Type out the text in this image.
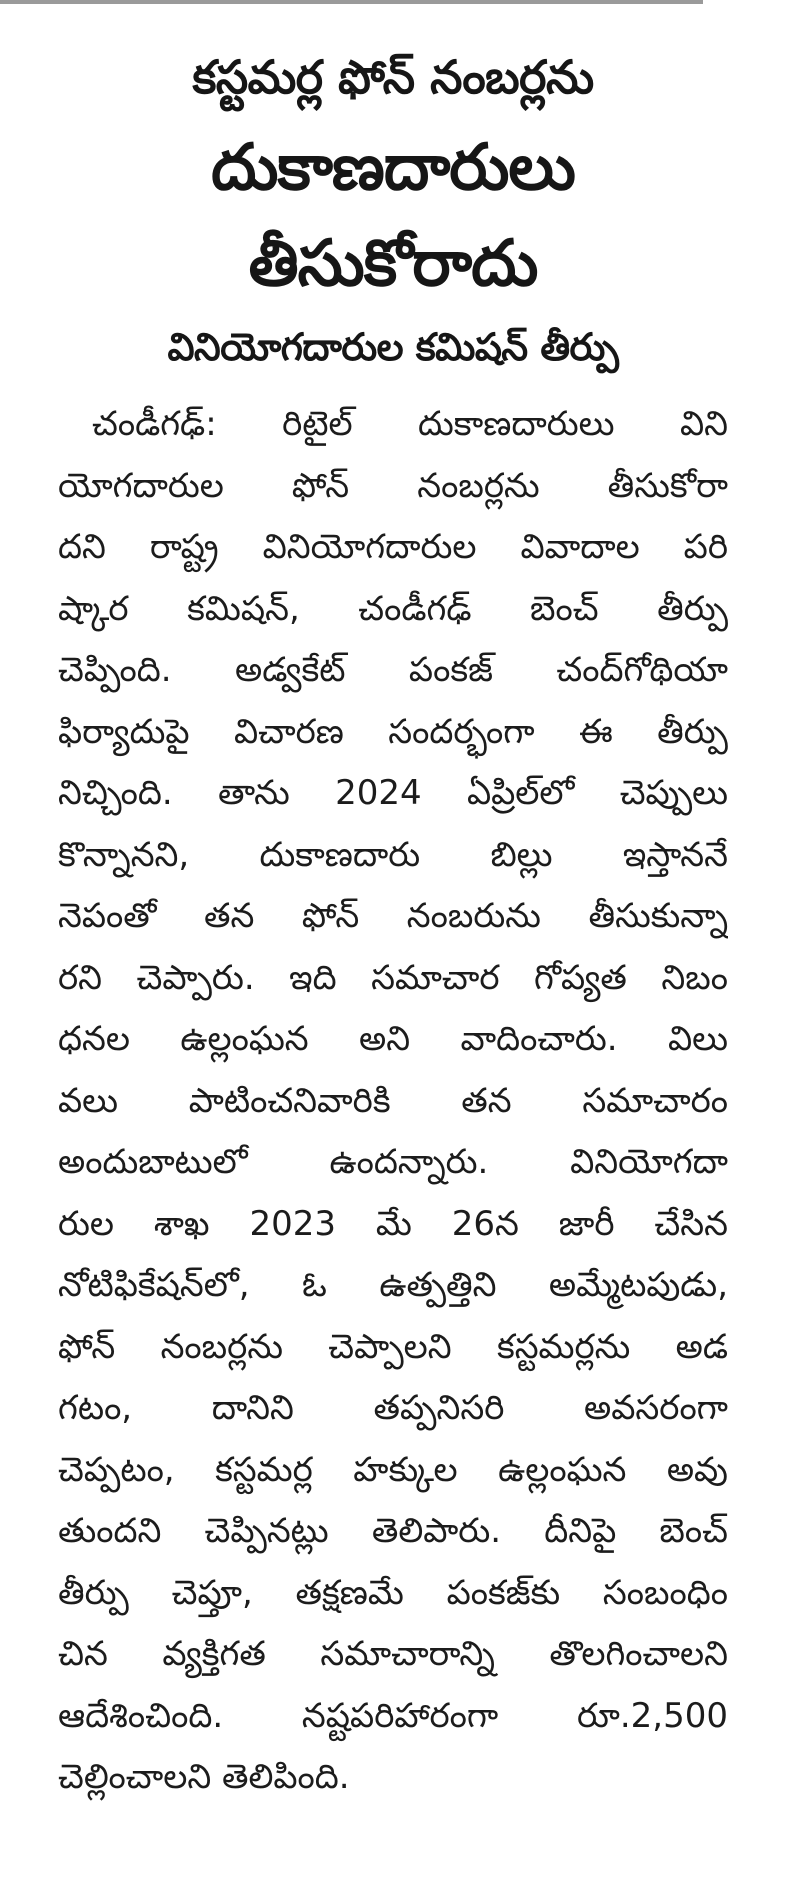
కస్టమర్ల ఫోన్ నంబర్లను
దుకాణదారులు
తీసుకోరాదు
వినియోగదారుల కమిషన్ తీర్పు
చండీగఢ్: రిటైల్ దుకాణదారులు విని
యోగదారుల ఫోన్ నంబర్లను తీసుకోరా
దని రాష్ట్ర వినియోగదారుల వివాదాల పరి
ష్కార కమిషన్, చండీగఢ్ బెంచ్ తీర్పు
చెప్పింది. అడ్వకేట్ పంకజ్ చంద్‌గోథియా
ఫిర్యాదుపై విచారణ సందర్భంగా ఈ తీర్పు
నిచ్చింది. తాను 2024 ఏప్రిల్‌లో చెప్పులు
కొన్నానని, దుకాణదారు బిల్లు ఇస్తాననే
నెపంతో తన ఫోన్ నంబరును తీసుకున్నా
రని చెప్పారు. ఇది సమాచార గోప్యత నిబం
ధనల ఉల్లంఘన అని వాదించారు. విలు
వలు పాటించనివారికి తన సమాచారం
అందుబాటులో ఉందన్నారు. వినియోగదా
రుల శాఖ 2023 మే 26న జారీ చేసిన
నోటిఫికేషన్‌లో, ఓ ఉత్పత్తిని అమ్మేటపుడు,
ఫోన్ నంబర్లను చెప్పాలని కస్టమర్లను అడ
గటం, దానిని తప్పనిసరి అవసరంగా
చెప్పటం, కస్టమర్ల హక్కుల ఉల్లంఘన అవు
తుందని చెప్పినట్లు తెలిపారు. దీనిపై బెంచ్
తీర్పు చెప్తూ, తక్షణమే పంకజ్‌కు సంబంధిం
చిన వ్యక్తిగత సమాచారాన్ని తొలగించాలని
ఆదేశించింది. నష్టపరిహారంగా రూ.2,500
చెల్లించాలని తెలిపింది.
